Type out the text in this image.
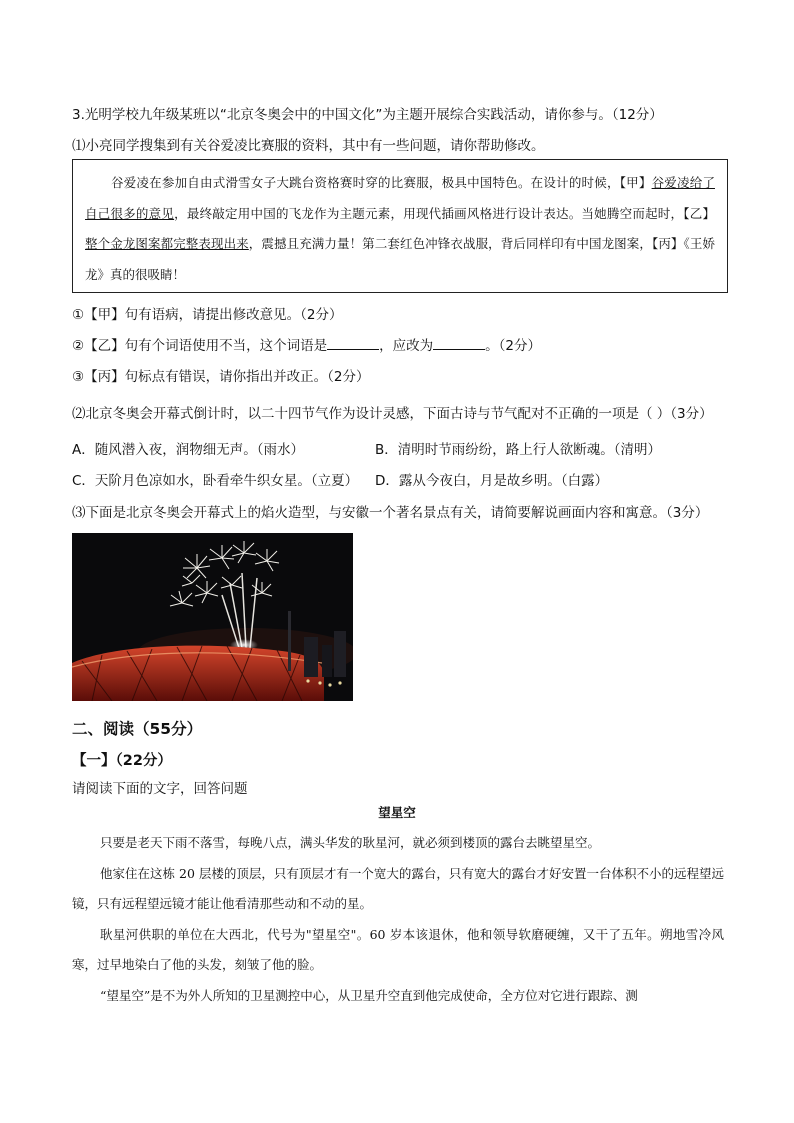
3.光明学校九年级某班以“北京冬奥会中的中国文化”为主题开展综合实践活动，请你参与。（12分）
⑴小亮同学搜集到有关谷爱凌比赛服的资料，其中有一些问题，请你帮助修改。

谷爱凌在参加自由式滑雪女子大跳台资格赛时穿的比赛服，极具中国特色。在设计的时候，【甲】谷爱凌给了自己很多的意见，最终敲定用中国的飞龙作为主题元素，用现代插画风格进行设计表达。当她腾空而起时，【乙】整个金龙图案都完整表现出来，震撼且充满力量！第二套红色冲锋衣战服，背后同样印有中国龙图案，【丙】《王娇龙》真的很吸睛！

①【甲】句有语病，请提出修改意见。（2分）
②【乙】句有个词语使用不当，这个词语是	，应改为	。（2分）
③【丙】句标点有错误，请你指出并改正。（2分）
⑵北京冬奥会开幕式倒计时，以二十四节气作为设计灵感，下面古诗与节气配对不正确的一项是（ ）（3分）
A．随风潜入夜，润物细无声。（雨水）	B．清明时节雨纷纷，路上行人欲断魂。（清明）
C．天阶月色凉如水，卧看牵牛织女星。（立夏） D．露从今夜白，月是故乡明。（白露）
⑶下面是北京冬奥会开幕式上的焰火造型，与安徽一个著名景点有关，请简要解说画面内容和寓意。（3分）
二、阅读（55分）
【一】（22分）
请阅读下面的文字，回答问题
望星空

只要是老天下雨不落雪，每晚八点，满头华发的耿星河，就必须到楼顶的露台去眺望星空。

他家住在这栋 20 层楼的顶层，只有顶层才有一个宽大的露台，只有宽大的露台才好安置一台体积不小的远程望远镜，只有远程望远镜才能让他看清那些动和不动的星。

耿星河供职的单位在大西北，代号为"望星空"。60 岁本该退休，他和领导软磨硬缠，又干了五年。朔地雪冷风寒，过早地染白了他的头发，刻皱了他的脸。

“望星空”是不为外人所知的卫星测控中心，从卫星升空直到他完成使命，全方位对它进行跟踪、测
